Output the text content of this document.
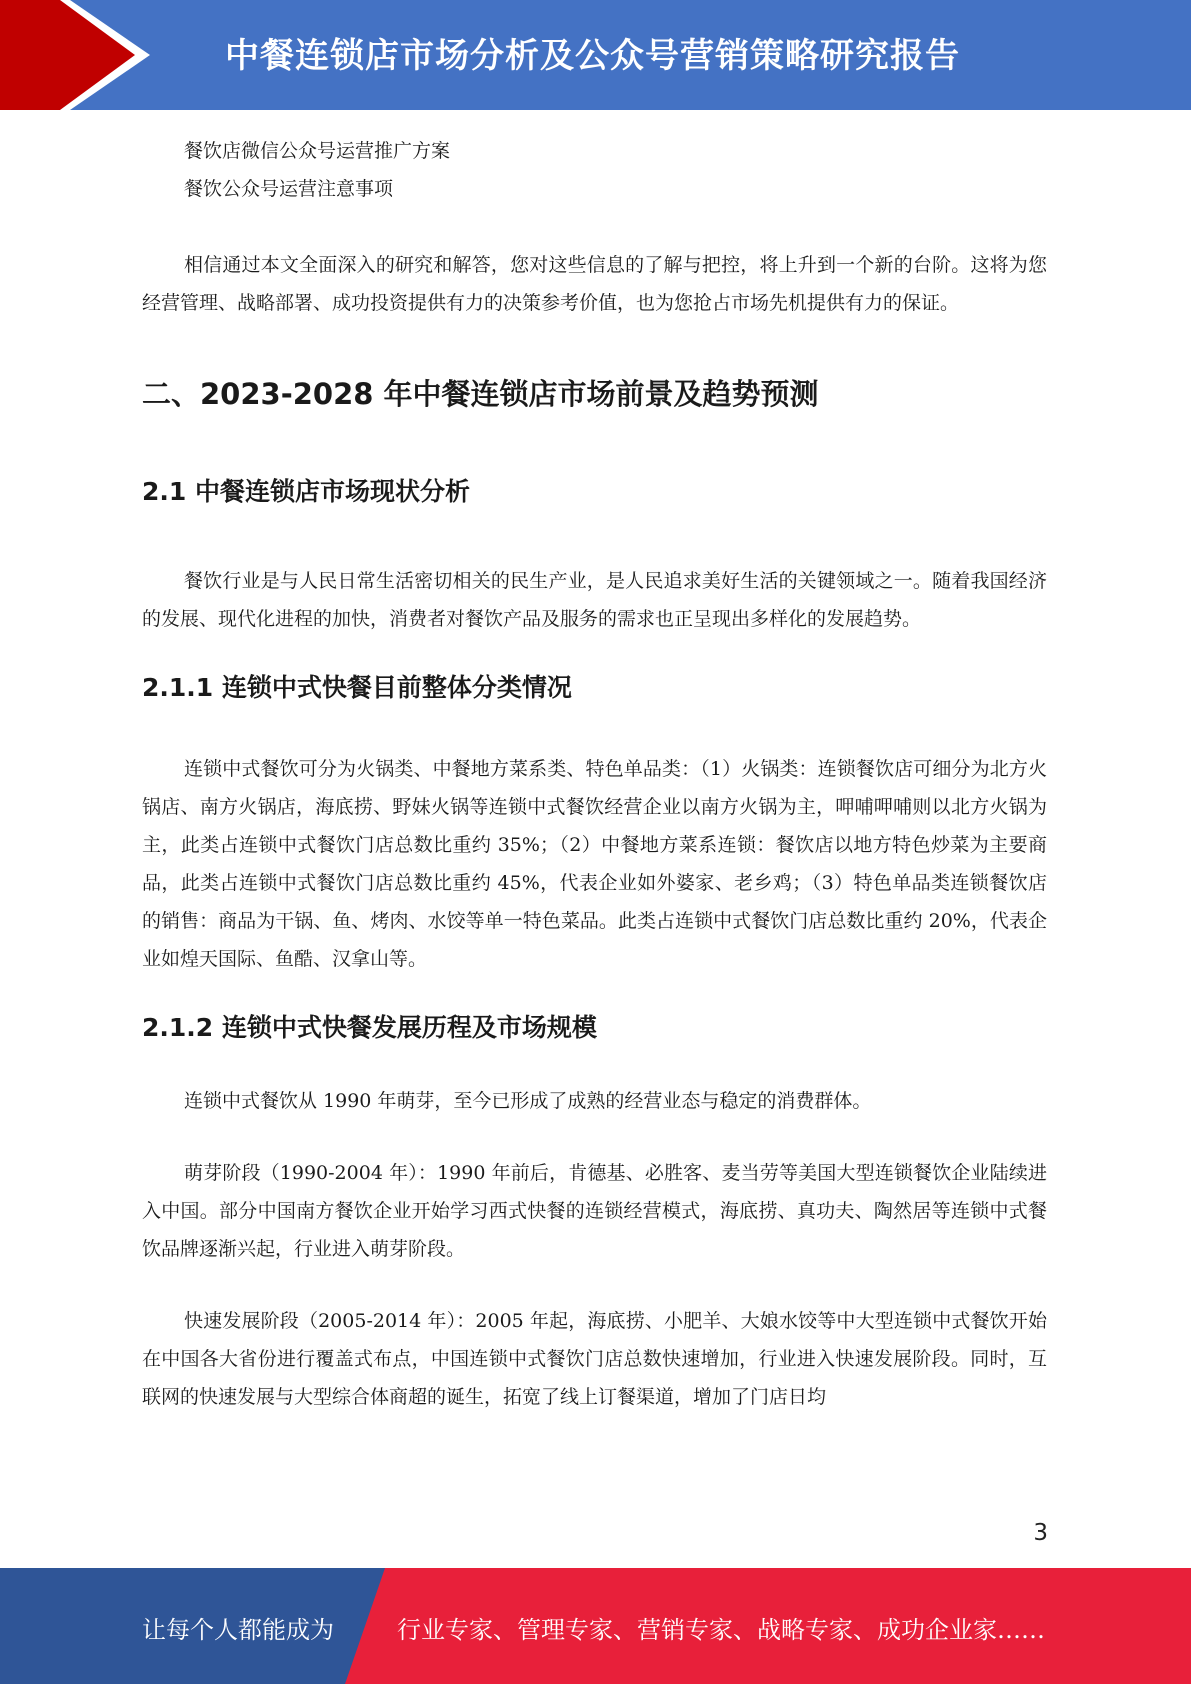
中餐连锁店市场分析及公众号营销策略研究报告
餐饮店微信公众号运营推广方案
餐饮公众号运营注意事项

相信通过本文全面深入的研究和解答，您对这些信息的了解与把控，将上升到一个新的台阶。这将为您经营管理、战略部署、成功投资提供有力的决策参考价值，也为您抢占市场先机提供有力的保证。

二、2023-2028 年中餐连锁店市场前景及趋势预测
2.1 中餐连锁店市场现状分析

餐饮行业是与人民日常生活密切相关的民生产业，是人民追求美好生活的关键领域之一。随着我国经济的发展、现代化进程的加快，消费者对餐饮产品及服务的需求也正呈现出多样化的发展趋势。

2.1.1 连锁中式快餐目前整体分类情况

连锁中式餐饮可分为火锅类、中餐地方菜系类、特色单品类：（1）火锅类：连锁餐饮店可细分为北方火锅店、南方火锅店，海底捞、野妹火锅等连锁中式餐饮经营企业以南方火锅为主，呷哺呷哺则以北方火锅为主，此类占连锁中式餐饮门店总数比重约 35%；（2）中餐地方菜系连锁：餐饮店以地方特色炒菜为主要商品，此类占连锁中式餐饮门店总数比重约 45%，代表企业如外婆家、老乡鸡；（3）特色单品类连锁餐饮店的销售：商品为干锅、鱼、烤肉、水饺等单一特色菜品。此类占连锁中式餐饮门店总数比重约 20%，代表企业如煌天国际、鱼酷、汉拿山等。

2.1.2 连锁中式快餐发展历程及市场规模

连锁中式餐饮从 1990 年萌芽，至今已形成了成熟的经营业态与稳定的消费群体。

萌芽阶段（1990-2004 年）：1990 年前后，肯德基、必胜客、麦当劳等美国大型连锁餐饮企业陆续进入中国。部分中国南方餐饮企业开始学习西式快餐的连锁经营模式，海底捞、真功夫、陶然居等连锁中式餐饮品牌逐渐兴起，行业进入萌芽阶段。

快速发展阶段（2005-2014 年）：2005 年起，海底捞、小肥羊、大娘水饺等中大型连锁中式餐饮开始在中国各大省份进行覆盖式布点，中国连锁中式餐饮门店总数快速增加，行业进入快速发展阶段。同时，互联网的快速发展与大型综合体商超的诞生，拓宽了线上订餐渠道，增加了门店日均

3
让每个人都能成为	行业专家、管理专家、营销专家、战略专家、成功企业家……
